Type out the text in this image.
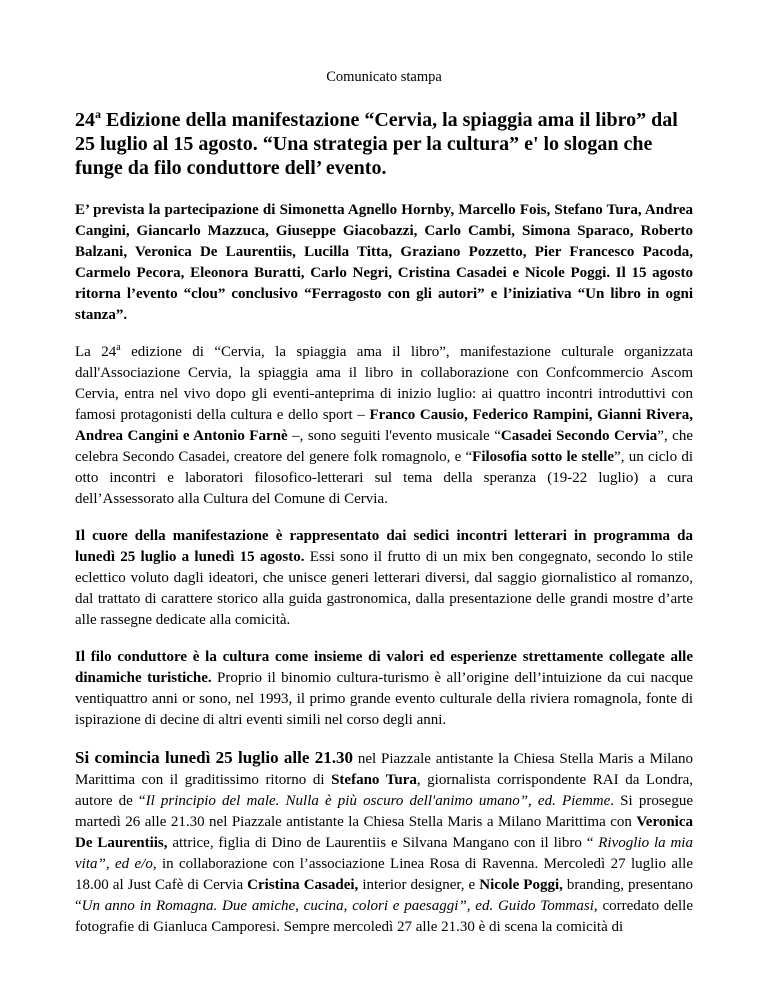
Comunicato stampa
24$^a$ Edizione della manifestazione “Cervia, la spiaggia ama il libro” dal 25 luglio al 15 agosto. “Una strategia per la cultura” e' lo slogan che funge da filo conduttore dell’ evento.

E’ prevista la partecipazione di Simonetta Agnello Hornby, Marcello Fois, Stefano Tura, Andrea Cangini, Giancarlo Mazzuca, Giuseppe Giacobazzi, Carlo Cambi, Simona Sparaco, Roberto Balzani, Veronica De Laurentiis, Lucilla Titta, Graziano Pozzetto, Pier Francesco Pacoda, Carmelo Pecora, Eleonora Buratti, Carlo Negri, Cristina Casadei e Nicole Poggi. Il 15 agosto ritorna l’evento “clou” conclusivo “Ferragosto con gli autori” e l’iniziativa “Un libro in ogni stanza”.

La 24$^a$ edizione di “Cervia, la spiaggia ama il libro”, manifestazione culturale organizzata dall'Associazione Cervia, la spiaggia ama il libro in collaborazione con Confcommercio Ascom Cervia, entra nel vivo dopo gli eventi-anteprima di inizio luglio: ai quattro incontri introduttivi con famosi protagonisti della cultura e dello sport – Franco Causio, Federico Rampini, Gianni Rivera, Andrea Cangini e Antonio Farnè –, sono seguiti l'evento musicale “Casadei Secondo Cervia”, che celebra Secondo Casadei, creatore del genere folk romagnolo, e “Filosofia sotto le stelle”, un ciclo di otto incontri e laboratori filosofico-letterari sul tema della speranza (19-22 luglio) a cura dell’Assessorato alla Cultura del Comune di Cervia.

Il cuore della manifestazione è rappresentato dai sedici incontri letterari in programma da lunedì 25 luglio a lunedì 15 agosto. Essi sono il frutto di un mix ben congegnato, secondo lo stile eclettico voluto dagli ideatori, che unisce generi letterari diversi, dal saggio giornalistico al romanzo, dal trattato di carattere storico alla guida gastronomica, dalla presentazione delle grandi mostre d’arte alle rassegne dedicate alla comicità.

Il filo conduttore è la cultura come insieme di valori ed esperienze strettamente collegate alle dinamiche turistiche. Proprio il binomio cultura-turismo è all’origine dell’intuizione da cui nacque ventiquattro anni or sono, nel 1993, il primo grande evento culturale della riviera romagnola, fonte di ispirazione di decine di altri eventi simili nel corso degli anni.

Si comincia lunedì 25 luglio alle 21.30 nel Piazzale antistante la Chiesa Stella Maris a Milano Marittima con il graditissimo ritorno di Stefano Tura, giornalista corrispondente RAI da Londra, autore de “Il principio del male. Nulla è più oscuro dell'animo umano”, ed. Piemme. Si prosegue martedì 26 alle 21.30 nel Piazzale antistante la Chiesa Stella Maris a Milano Marittima con Veronica De Laurentiis, attrice, figlia di Dino de Laurentiis e Silvana Mangano con il libro “ Rivoglio la mia vita”, ed e/o, in collaborazione con l’associazione Linea Rosa di Ravenna. Mercoledì 27 luglio alle 18.00 al Just Cafè di Cervia Cristina Casadei, interior designer, e Nicole Poggi, branding, presentano “Un anno in Romagna. Due amiche, cucina, colori e paesaggi”, ed. Guido Tommasi, corredato delle fotografie di Gianluca Camporesi. Sempre mercoledì 27 alle 21.30 è di scena la comicità di
